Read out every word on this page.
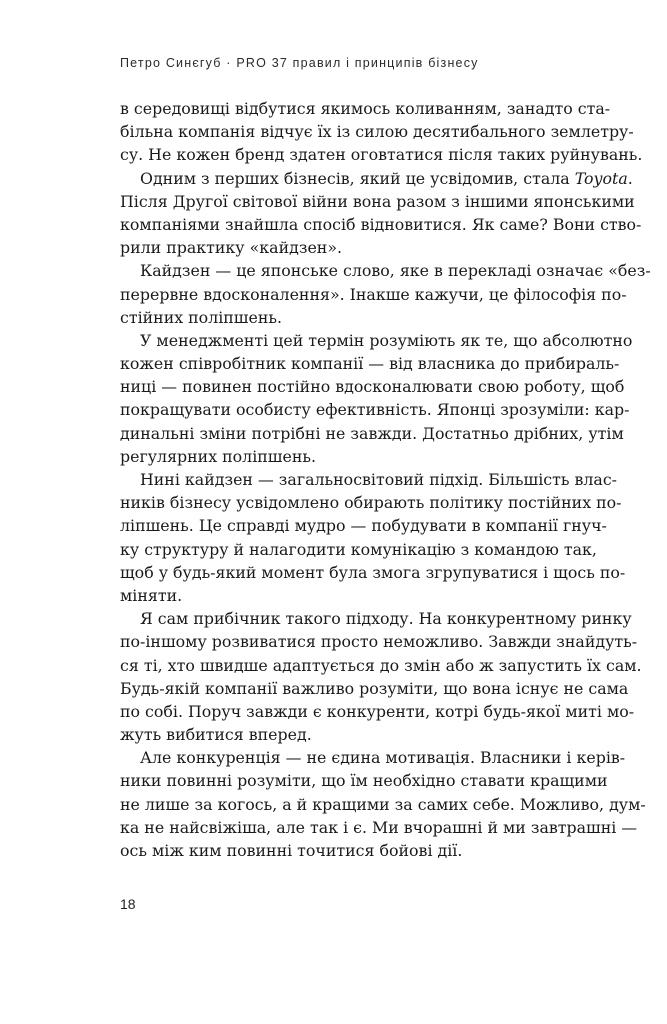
Петро Синєгуб · PRO 37 правил і принципів бізнесу
в середовищі відбутися якимось коливанням, занадто ста-
більна компанія відчує їх із силою десятибального землетру-
су. Не кожен бренд здатен оговтатися після таких руйнувань.
Одним з перших бізнесів, який це усвідомив, стала Toyota.
Після Другої світової війни вона разом з іншими японськими
компаніями знайшла спосіб відновитися. Як саме? Вони ство-
рили практику «кайдзен».
Кайдзен — це японське слово, яке в перекладі означає «без-
перервне вдосконалення». Інакше кажучи, це філософія по-
стійних поліпшень.
У менеджменті цей термін розуміють як те, що абсолютно
кожен співробітник компанії — від власника до прибираль-
ниці — повинен постійно вдосконалювати свою роботу, щоб
покращувати особисту ефективність. Японці зрозуміли: кар-
динальні зміни потрібні не завжди. Достатньо дрібних, утім
регулярних поліпшень.
Нині кайдзен — загальносвітовий підхід. Більшість влас-
ників бізнесу усвідомлено обирають політику постійних по-
ліпшень. Це справді мудро — побудувати в компанії гнуч-
ку структуру й налагодити комунікацію з командою так,
щоб у будь-який момент була змога згрупуватися і щось по-
міняти.
Я сам прибічник такого підходу. На конкурентному ринку
по-іншому розвиватися просто неможливо. Завжди знайдуть-
ся ті, хто швидше адаптується до змін або ж запустить їх сам.
Будь-якій компанії важливо розуміти, що вона існує не сама
по собі. Поруч завжди є конкуренти, котрі будь-якої миті мо-
жуть вибитися вперед.
Але конкуренція — не єдина мотивація. Власники і керів-
ники повинні розуміти, що їм необхідно ставати кращими
не лише за когось, а й кращими за самих себе. Можливо, дум-
ка не найсвіжіша, але так і є. Ми вчорашні й ми завтрашні —
ось між ким повинні точитися бойові дії.
18
